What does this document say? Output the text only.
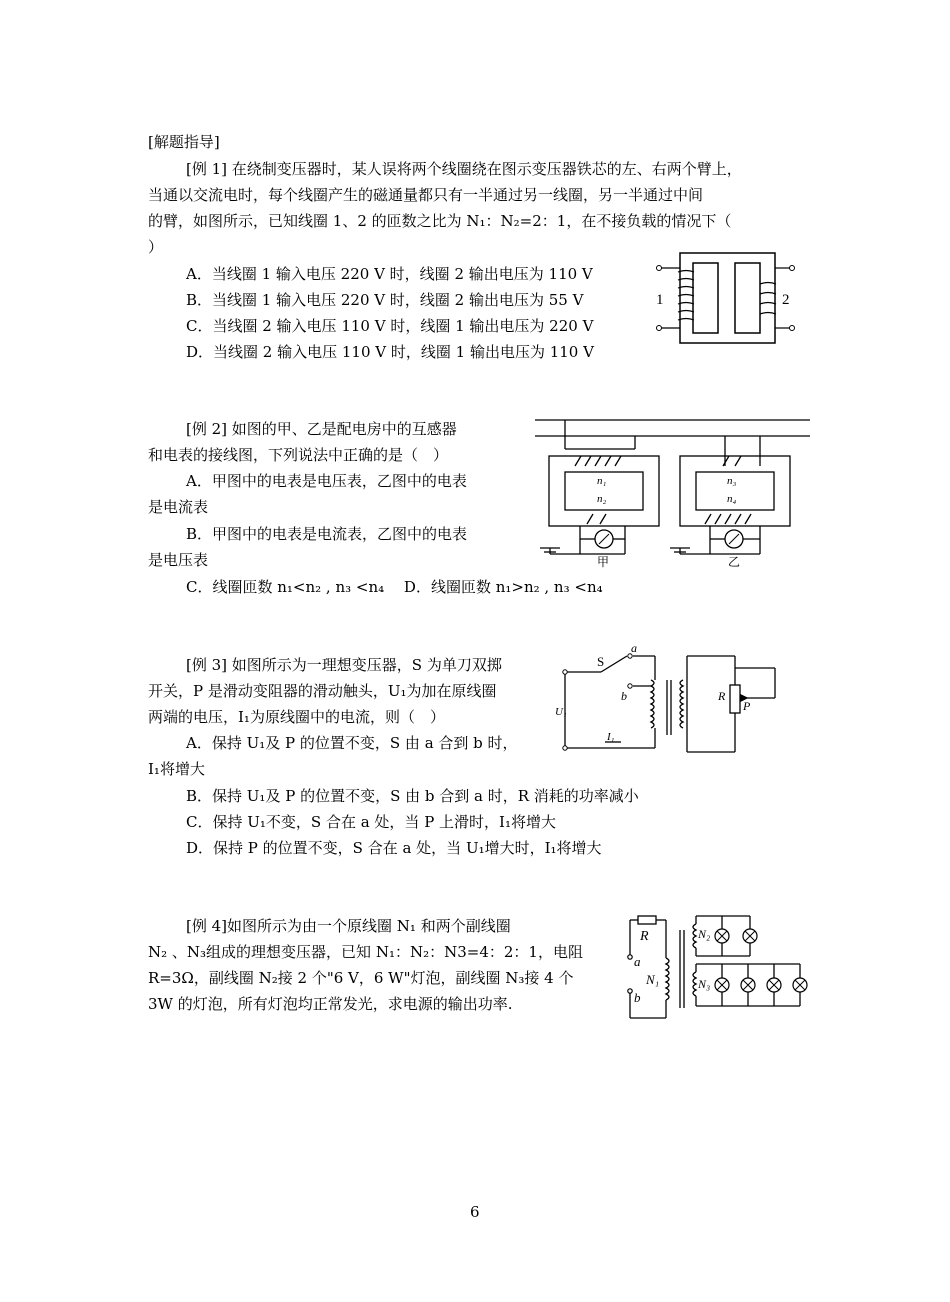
[解题指导]
[例 1] 在绕制变压器时，某人误将两个线圈绕在图示变压器铁芯的左、右两个臂上，
当通以交流电时，每个线圈产生的磁通量都只有一半通过另一线圈，另一半通过中间
的臂，如图所示，已知线圈 1、2 的匝数之比为 N₁：N₂=2：1，在不接负载的情况下（
）
A．当线圈 1 输入电压 220 V 时，线圈 2 输出电压为 110 V
B．当线圈 1 输入电压 220 V 时，线圈 2 输出电压为 55 V
C．当线圈 2 输入电压 110 V 时，线圈 1 输出电压为 220 V
D．当线圈 2 输入电压 110 V 时，线圈 1 输出电压为 110 V
1	2
[例 2] 如图的甲、乙是配电房中的互感器
和电表的接线图，下列说法中正确的是（　）
A．甲图中的电表是电压表，乙图中的电表
是电流表
B．甲图中的电表是电流表，乙图中的电表
是电压表
C．线圈匝数 n₁<n₂ , n₃ <n₄　 D．线圈匝数 n₁>n₂ , n₃ <n₄
n₁
n₂
n₃
n₄
甲	乙
[例 3] 如图所示为一理想变压器，S 为单刀双掷
开关，P 是滑动变阻器的滑动触头，U₁为加在原线圈
两端的电压，I₁为原线圈中的电流，则（　）
A．保持 U₁及 P 的位置不变，S 由 a 合到 b 时，
I₁将增大
B．保持 U₁及 P 的位置不变，S 由 b 合到 a 时，R 消耗的功率减小
C．保持 U₁不变，S 合在 a 处，当 P 上滑时，I₁将增大
D．保持 P 的位置不变，S 合在 a 处，当 U₁增大时，I₁将增大
S
a
b
U₁
I₁
R
P
[例 4]如图所示为由一个原线圈 N₁ 和两个副线圈
N₂ 、N₃组成的理想变压器，已知 N₁：N₂：N3=4：2：1，电阻
R=3Ω，副线圈 N₂接 2 个"6 V，6 W"灯泡，副线圈 N₃接 4 个
3W 的灯泡，所有灯泡均正常发光，求电源的输出功率.
R
a
N₁
b
N₂
N₃
6
